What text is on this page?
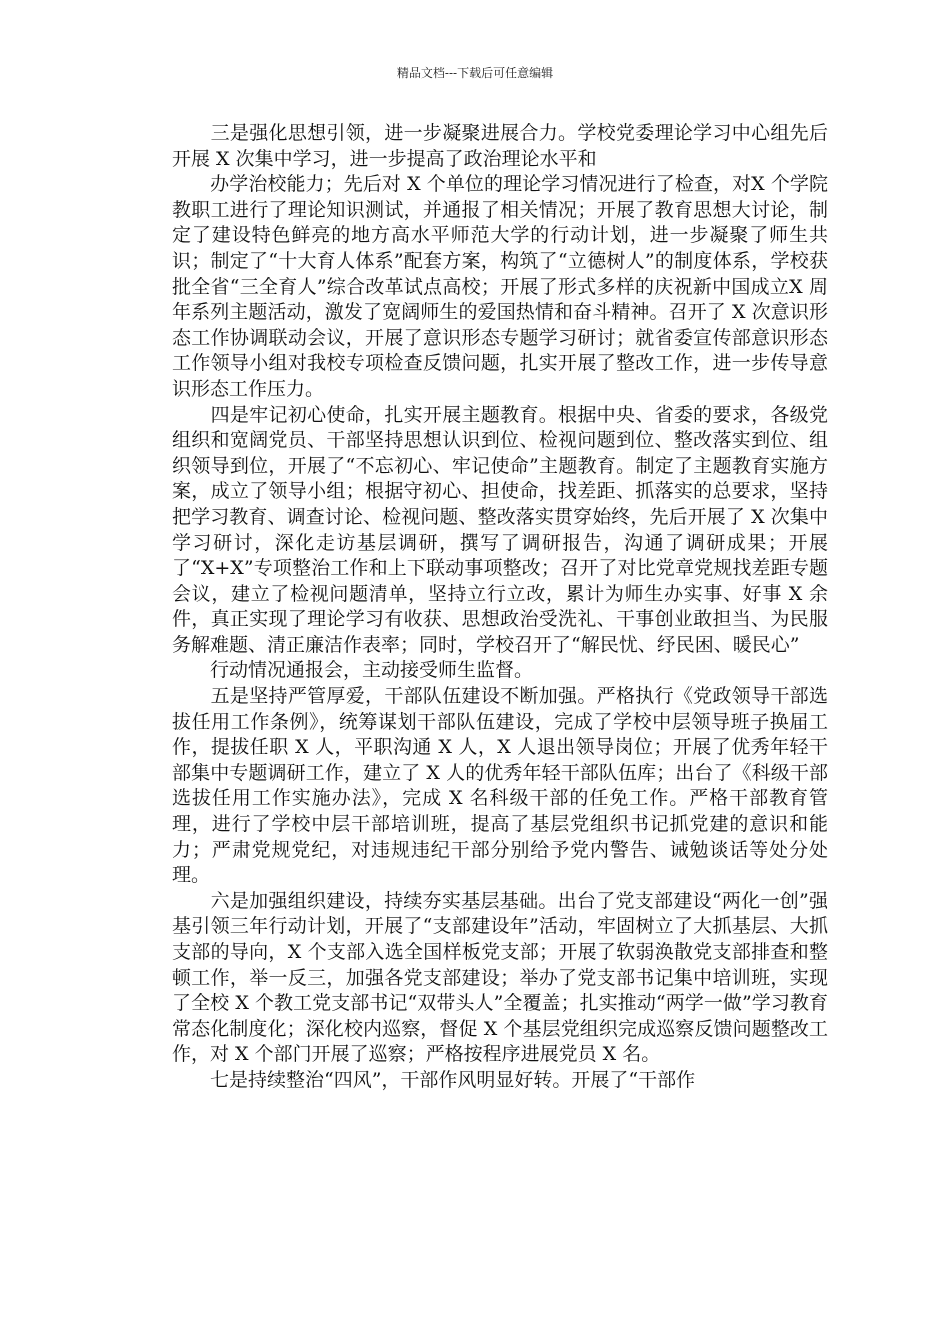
精品文档---下载后可任意编辑

　　三是强化思想引领，进一步凝聚进展合力。学校党委理论学习中心组先后开展 X 次集中学习，进一步提高了政治理论水平和

　　办学治校能力；先后对 X 个单位的理论学习情况进行了检查，对X 个学院教职工进行了理论知识测试，并通报了相关情况；开展了教育思想大讨论，制定了建设特色鲜亮的地方高水平师范大学的行动计划，进一步凝聚了师生共识；制定了“十大育人体系”配套方案，构筑了“立德树人”的制度体系，学校获批全省“三全育人”综合改革试点高校；开展了形式多样的庆祝新中国成立X 周年系列主题活动，激发了宽阔师生的爱国热情和奋斗精神。召开了 X 次意识形态工作协调联动会议，开展了意识形态专题学习研讨；就省委宣传部意识形态工作领导小组对我校专项检查反馈问题，扎实开展了整改工作，进一步传导意识形态工作压力。

　　四是牢记初心使命，扎实开展主题教育。根据中央、省委的要求，各级党组织和宽阔党员、干部坚持思想认识到位、检视问题到位、整改落实到位、组织领导到位，开展了“不忘初心、牢记使命”主题教育。制定了主题教育实施方案，成立了领导小组；根据守初心、担使命，找差距、抓落实的总要求，坚持把学习教育、调查讨论、检视问题、整改落实贯穿始终，先后开展了 X 次集中学习研讨，深化走访基层调研，撰写了调研报告，沟通了调研成果；开展了“X+X”专项整治工作和上下联动事项整改；召开了对比党章党规找差距专题会议，建立了检视问题清单，坚持立行立改，累计为师生办实事、好事 X 余件，真正实现了理论学习有收获、思想政治受洗礼、干事创业敢担当、为民服务解难题、清正廉洁作表率；同时，学校召开了“解民忧、纾民困、暖民心”

　　行动情况通报会，主动接受师生监督。

　　五是坚持严管厚爱，干部队伍建设不断加强。严格执行《党政领导干部选拔任用工作条例》，统筹谋划干部队伍建设，完成了学校中层领导班子换届工作，提拔任职 X 人，平职沟通 X 人，X 人退出领导岗位；开展了优秀年轻干部集中专题调研工作，建立了 X 人的优秀年轻干部队伍库；出台了《科级干部选拔任用工作实施办法》，完成 X 名科级干部的任免工作。严格干部教育管理，进行了学校中层干部培训班，提高了基层党组织书记抓党建的意识和能力；严肃党规党纪，对违规违纪干部分别给予党内警告、诫勉谈话等处分处理。

　　六是加强组织建设，持续夯实基层基础。出台了党支部建设“两化一创”强基引领三年行动计划，开展了“支部建设年”活动，牢固树立了大抓基层、大抓支部的导向，X 个支部入选全国样板党支部；开展了软弱涣散党支部排查和整顿工作，举一反三，加强各党支部建设；举办了党支部书记集中培训班，实现了全校 X 个教工党支部书记“双带头人”全覆盖；扎实推动“两学一做”学习教育常态化制度化；深化校内巡察，督促 X 个基层党组织完成巡察反馈问题整改工作，对 X 个部门开展了巡察；严格按程序进展党员 X 名。

　　七是持续整治“四风”，干部作风明显好转。开展了“干部作
